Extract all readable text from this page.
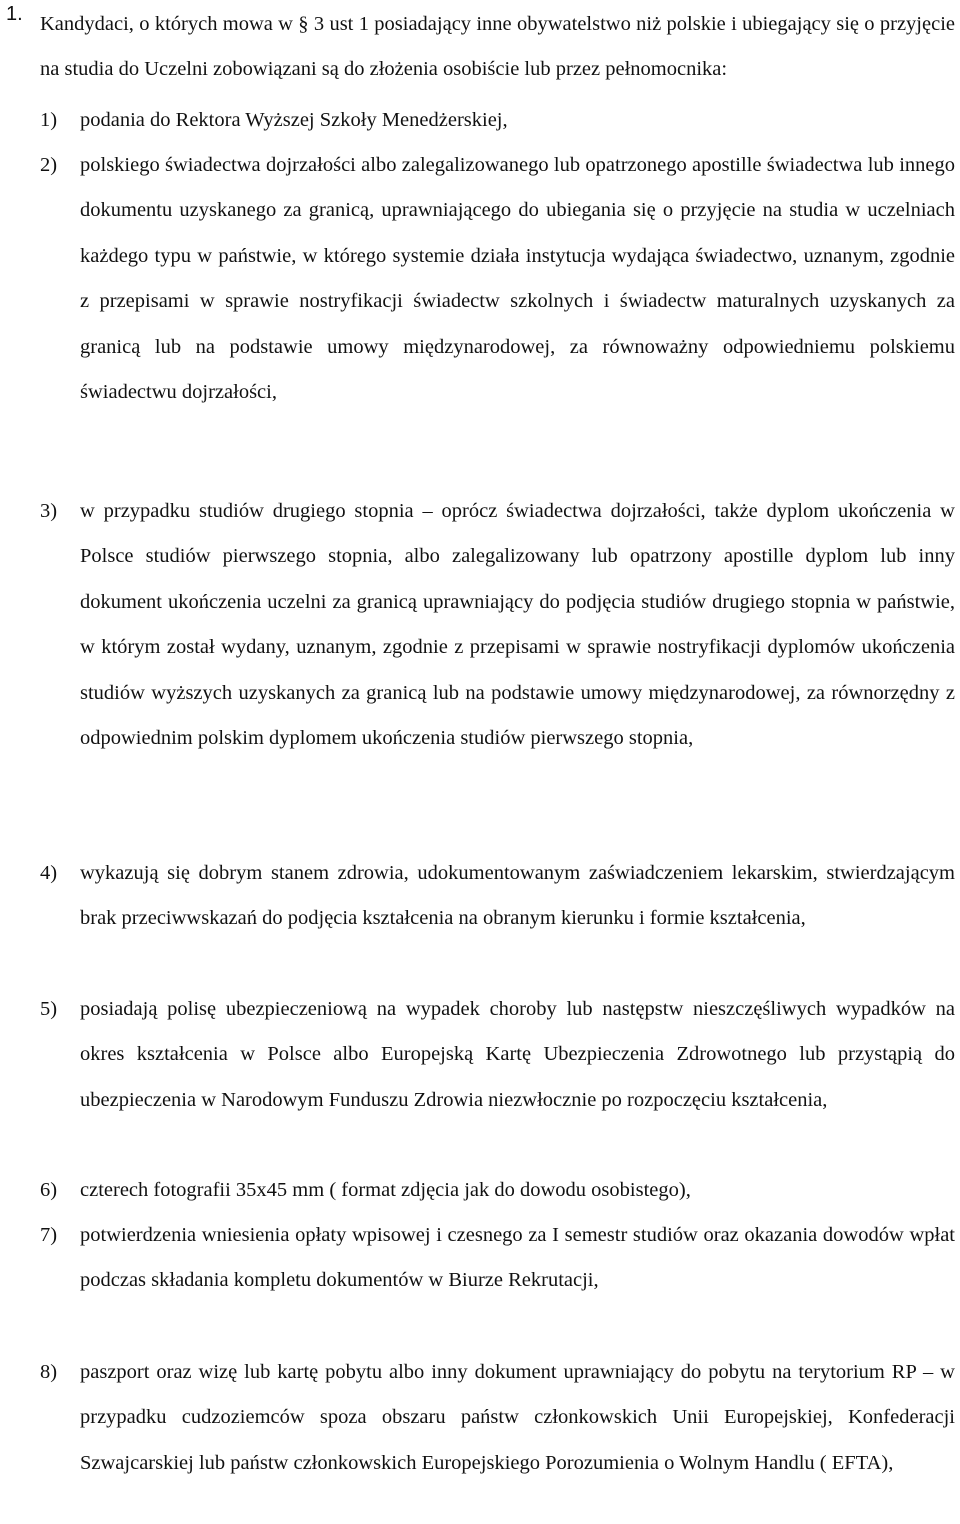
1. Kandydaci, o których mowa w § 3 ust 1 posiadający inne obywatelstwo niż polskie i ubiegający się o przyjęcie na studia do Uczelni zobowiązani są do złożenia osobiście lub przez pełnomocnika:
1)	podania do Rektora Wyższej Szkoły Menedżerskiej,
2)	polskiego świadectwa dojrzałości albo zalegalizowanego lub opatrzonego apostille świadectwa lub innego dokumentu uzyskanego za granicą, uprawniającego do ubiegania się o przyjęcie na studia w uczelniach każdego typu w państwie, w którego systemie działa instytucja wydająca świadectwo, uznanym, zgodnie z przepisami w sprawie nostryfikacji świadectw szkolnych i świadectw maturalnych uzyskanych za granicą lub na podstawie umowy międzynarodowej, za równoważny odpowiedniemu polskiemu świadectwu dojrzałości,
3)	w przypadku studiów drugiego stopnia – oprócz świadectwa dojrzałości, także dyplom ukończenia w Polsce studiów pierwszego stopnia, albo zalegalizowany lub opatrzony apostille dyplom lub inny dokument ukończenia uczelni za granicą uprawniający do podjęcia studiów drugiego stopnia w państwie, w którym został wydany, uznanym, zgodnie z przepisami w sprawie nostryfikacji dyplomów ukończenia studiów wyższych uzyskanych za granicą lub na podstawie umowy międzynarodowej, za równorzędny z odpowiednim polskim dyplomem ukończenia studiów pierwszego stopnia,
4)	wykazują się dobrym stanem zdrowia, udokumentowanym zaświadczeniem lekarskim, stwierdzającym brak przeciwwskazań do podjęcia kształcenia na obranym kierunku i formie kształcenia,
5)	posiadają polisę ubezpieczeniową na wypadek choroby lub następstw nieszczęśliwych wypadków na okres kształcenia w Polsce albo Europejską Kartę Ubezpieczenia Zdrowotnego lub przystąpią do ubezpieczenia w Narodowym Funduszu Zdrowia niezwłocznie po rozpoczęciu kształcenia,
6)	czterech fotografii 35x45 mm ( format zdjęcia jak do dowodu osobistego),
7)	potwierdzenia wniesienia opłaty wpisowej i czesnego za I semestr studiów oraz okazania dowodów wpłat podczas składania kompletu dokumentów w Biurze Rekrutacji,
8)	paszport oraz wizę lub kartę pobytu albo inny dokument uprawniający do pobytu na terytorium RP – w przypadku cudzoziemców spoza obszaru państw członkowskich Unii Europejskiej, Konfederacji Szwajcarskiej lub państw członkowskich Europejskiego Porozumienia o Wolnym Handlu ( EFTA),
